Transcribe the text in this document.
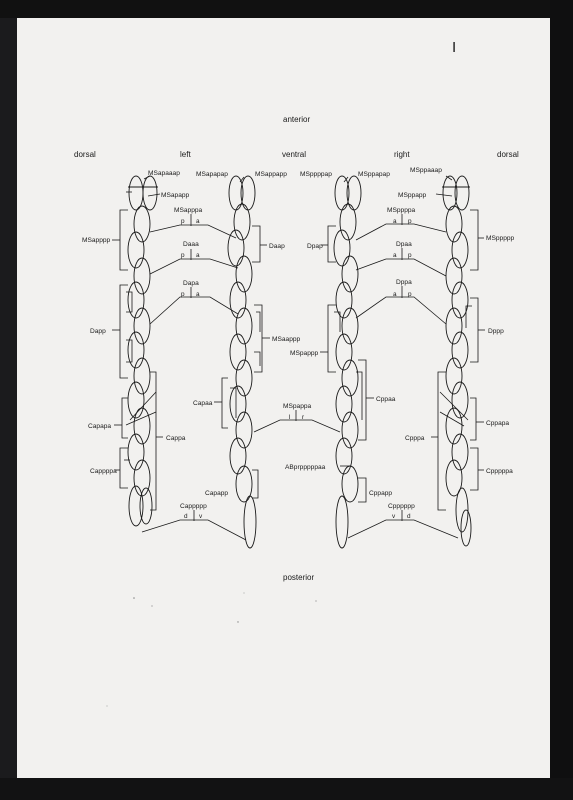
I
anterior
posterior
dorsal	left	ventral	right	dorsal
MSapaaap
MSapapp
MSapapap	MSappapp MSppppap	MSppapap
MSppaaap
MSppapp
MSapppa	MSppppa
MSapppp	MSppppp
Daaa	Dpaa
Daap	Dpap
Dapa	Dppa
Dapp	Dppp
MSaappp
MSpappp
Capaa
Cppaa
MSpappa
Capapa
Cappa	Cpppa
Cppapa
Cappppa
ABprpppppaa
Cpppppa
Capapp	Cppapp
Cappppp	Cpppppp
p a
p a
p a
a p
a p
a p
l r
d v	v d
